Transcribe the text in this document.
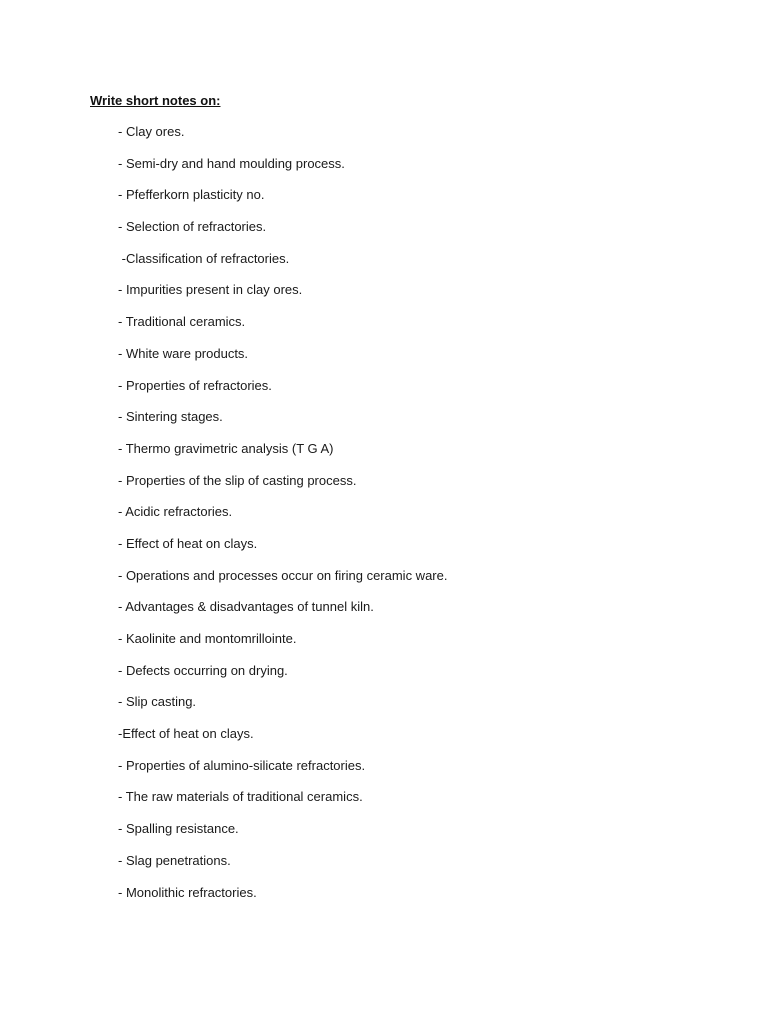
Write short notes on:
- Clay ores.
- Semi-dry and hand moulding process.
- Pfefferkorn plasticity no.
- Selection of refractories.
-Classification of refractories.
- Impurities present in clay ores.
- Traditional ceramics.
- White ware products.
- Properties of refractories.
- Sintering stages.
- Thermo gravimetric analysis (T G A)
- Properties of the slip of casting process.
- Acidic refractories.
- Effect of heat on clays.
- Operations and processes occur on firing ceramic ware.
- Advantages & disadvantages of tunnel kiln.
- Kaolinite and montomrillointe.
- Defects occurring on drying.
- Slip casting.
-Effect of heat on clays.
- Properties of alumino-silicate refractories.
- The raw materials of traditional ceramics.
- Spalling resistance.
- Slag penetrations.
- Monolithic refractories.
